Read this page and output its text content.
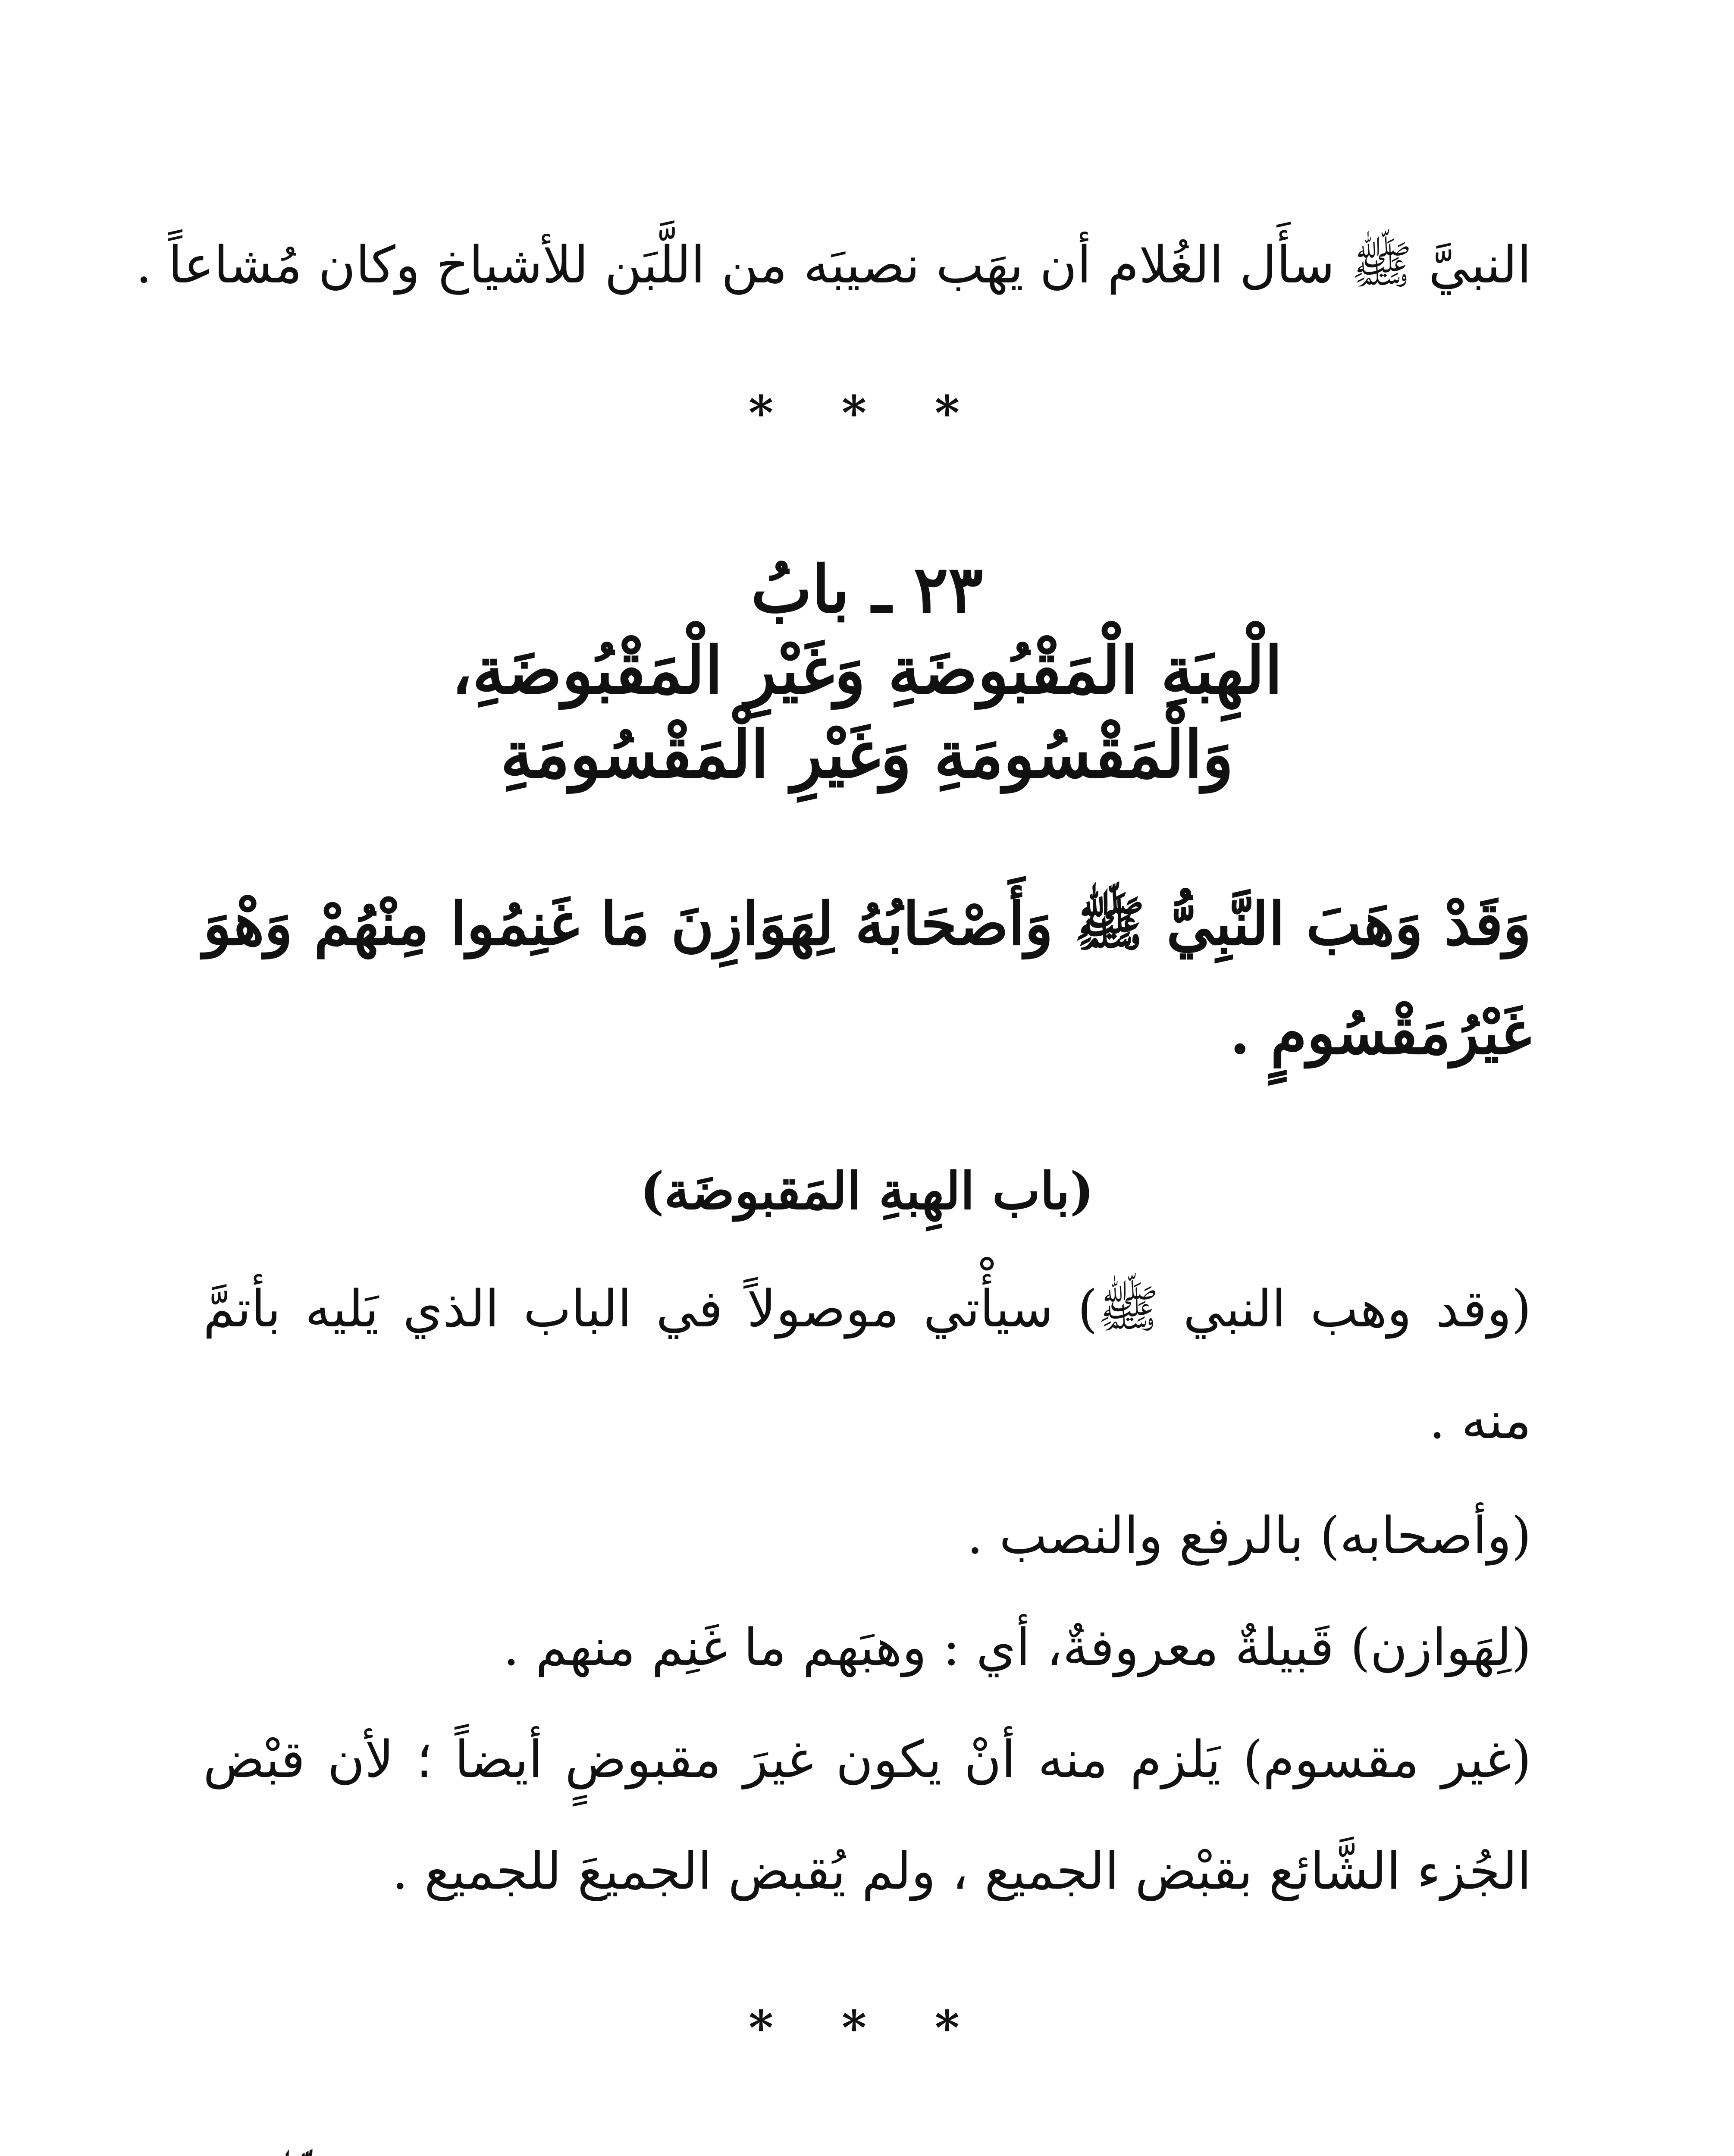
النبيَّ ﷺ سأَل الغُلام أن يهَب نصيبَه من اللَّبَن للأشياخ وكان مُشاعاً .
* * *
٢٣ ـ بابُ
الْهِبَةِ الْمَقْبُوضَةِ وَغَيْرِ الْمَقْبُوضَةِ،
وَالْمَقْسُومَةِ وَغَيْرِ الْمَقْسُومَةِ
وَقَدْ وَهَبَ النَّبِيُّ ﷺ وَأَصْحَابُهُ لِهَوَازِنَ مَا غَنِمُوا مِنْهُمْ وَهْوَ
غَيْرُمَقْسُومٍ .
(باب الهِبةِ المَقبوضَة)
(وقد وهب النبي ﷺ) سيأْتي موصولاً في الباب الذي يَليه بأتمَّ
منه .
(وأصحابه) بالرفع والنصب .
(لِهَوازن) قَبيلةٌ معروفةٌ، أي : وهبَهم ما غَنِم منهم .
(غير مقسوم) يَلزم منه أنْ يكون غيرَ مقبوضٍ أيضاً ؛ لأن قبْض
الجُزء الشَّائع بقبْض الجميع ، ولم يُقبض الجميعَ للجميع .
* * *
